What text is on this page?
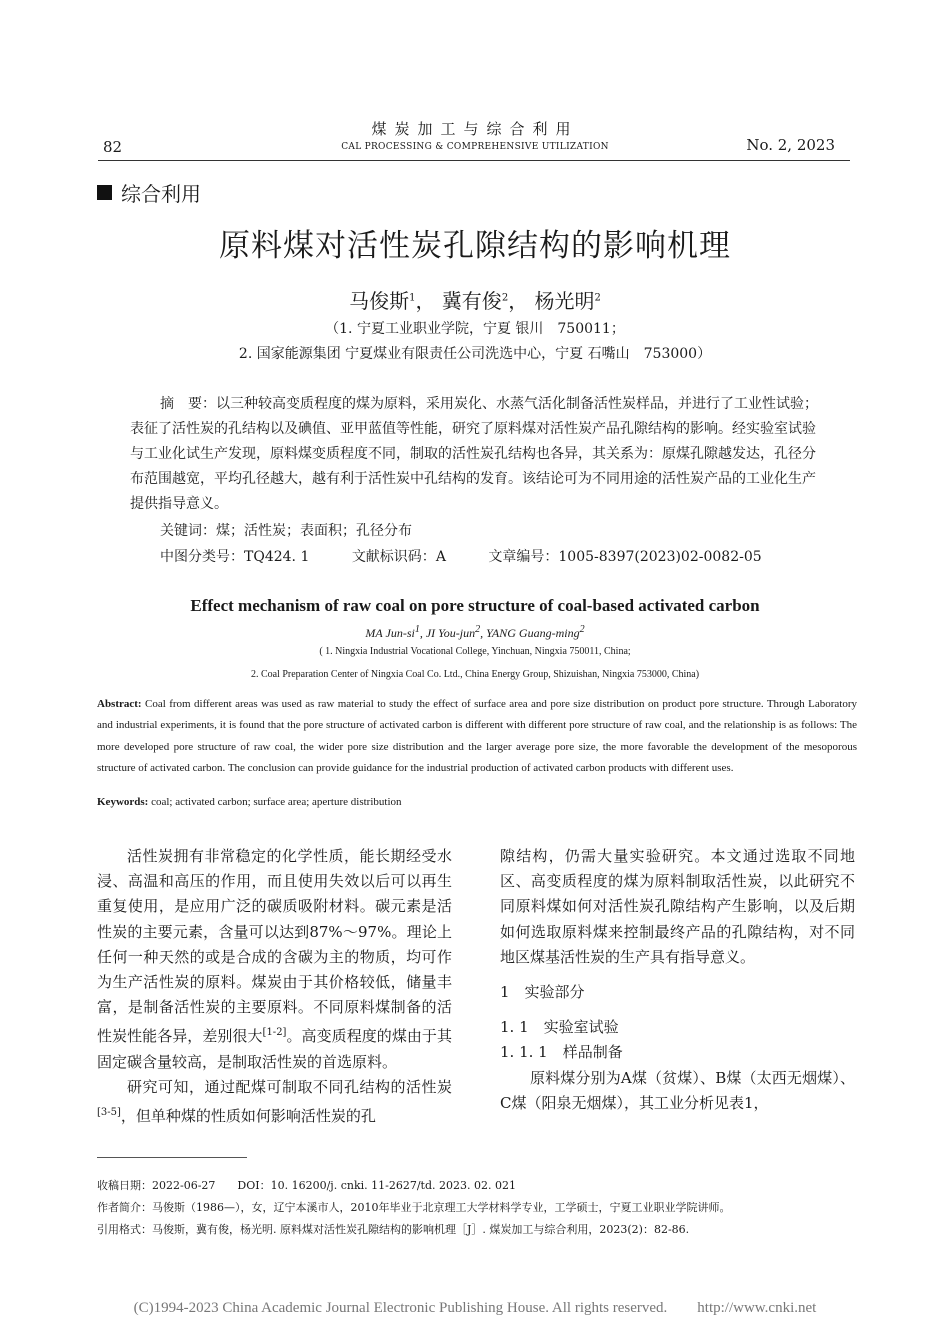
82
煤炭加工与综合利用
CAL PROCESSING & COMPREHENSIVE UTILIZATION	No. 2, 2023
综合利用
原料煤对活性炭孔隙结构的影响机理
马俊斯$^1$， 冀有俊$^2$， 杨光明$^2$
（1. 宁夏工业职业学院，宁夏 银川　750011；
2. 国家能源集团 宁夏煤业有限责任公司洗选中心，宁夏 石嘴山　753000）
摘　要：以三种较高变质程度的煤为原料，采用炭化、水蒸气活化制备活性炭样品，并进行了工业性试验；表征了活性炭的孔结构以及碘值、亚甲蓝值等性能，研究了原料煤对活性炭产品孔隙结构的影响。经实验室试验与工业化试生产发现，原料煤变质程度不同，制取的活性炭孔结构也各异，其关系为：原煤孔隙越发达，孔径分布范围越宽，平均孔径越大，越有利于活性炭中孔结构的发育。该结论可为不同用途的活性炭产品的工业化生产提供指导意义。
关键词：煤；活性炭；表面积；孔径分布
中图分类号：TQ424. 1	文献标识码：A	文章编号：1005-8397(2023)02-0082-05
Effect mechanism of raw coal on pore structure of coal-based activated carbon
MA Jun-$si^1$, JI You-jun$^2$, YANG Guang-ming$^2$
( 1. Ningxia Industrial Vocational College, Yinchuan, Ningxia 750011, China;
2. Coal Preparation Center of Ningxia Coal Co. Ltd., China Energy Group, Shizuishan, Ningxia 753000, China)
Abstract: Coal from different areas was used as raw material to study the effect of surface area and pore size distribution on product pore structure. Through Laboratory and industrial experiments, it is found that the pore structure of activated carbon is different with different pore structure of raw coal, and the relationship is as follows: The more developed pore structure of raw coal, the wider pore size distribution and the larger average pore size, the more favorable the development of the mesoporous structure of activated carbon. The conclusion can provide guidance for the industrial production of activated carbon products with different uses.
Keywords: coal; activated carbon; surface area; aperture distribution

活性炭拥有非常稳定的化学性质，能长期经受水浸、高温和高压的作用，而且使用失效以后可以再生重复使用，是应用广泛的碳质吸附材料。碳元素是活性炭的主要元素，含量可以达到87%～97%。理论上任何一种天然的或是合成的含碳为主的物质，均可作为生产活性炭的原料。煤炭由于其价格较低，储量丰富，是制备活性炭的主要原料。不同原料煤制备的活性炭性能各异，差别很大[1-2]。高变质程度的煤由于其固定碳含量较高，是制取活性炭的首选原料。

研究可知，通过配煤可制取不同孔结构的活性炭[3-5]，但单种煤的性质如何影响活性炭的孔

隙结构，仍需大量实验研究。本文通过选取不同地区、高变质程度的煤为原料制取活性炭，以此研究不同原料煤如何对活性炭孔隙结构产生影响，以及后期如何选取原料煤来控制最终产品的孔隙结构，对不同地区煤基活性炭的生产具有指导意义。

1　实验部分

1. 1　实验室试验

1. 1. 1　样品制备

原料煤分别为A煤（贫煤）、B煤（太西无烟煤）、C煤（阳泉无烟煤），其工业分析见表1，

收稿日期：2022-06-27　　DOI：10. 16200/j. cnki. 11-2627/td. 2023. 02. 021
作者简介：马俊斯（1986—），女，辽宁本溪市人，2010年毕业于北京理工大学材料学专业，工学硕士，宁夏工业职业学院讲师。
引用格式：马俊斯，冀有俊，杨光明. 原料煤对活性炭孔隙结构的影响机理［J］. 煤炭加工与综合利用，2023(2)：82-86.
(C)1994-2023 China Academic Journal Electronic Publishing House. All rights reserved.　　http://www.cnki.net
